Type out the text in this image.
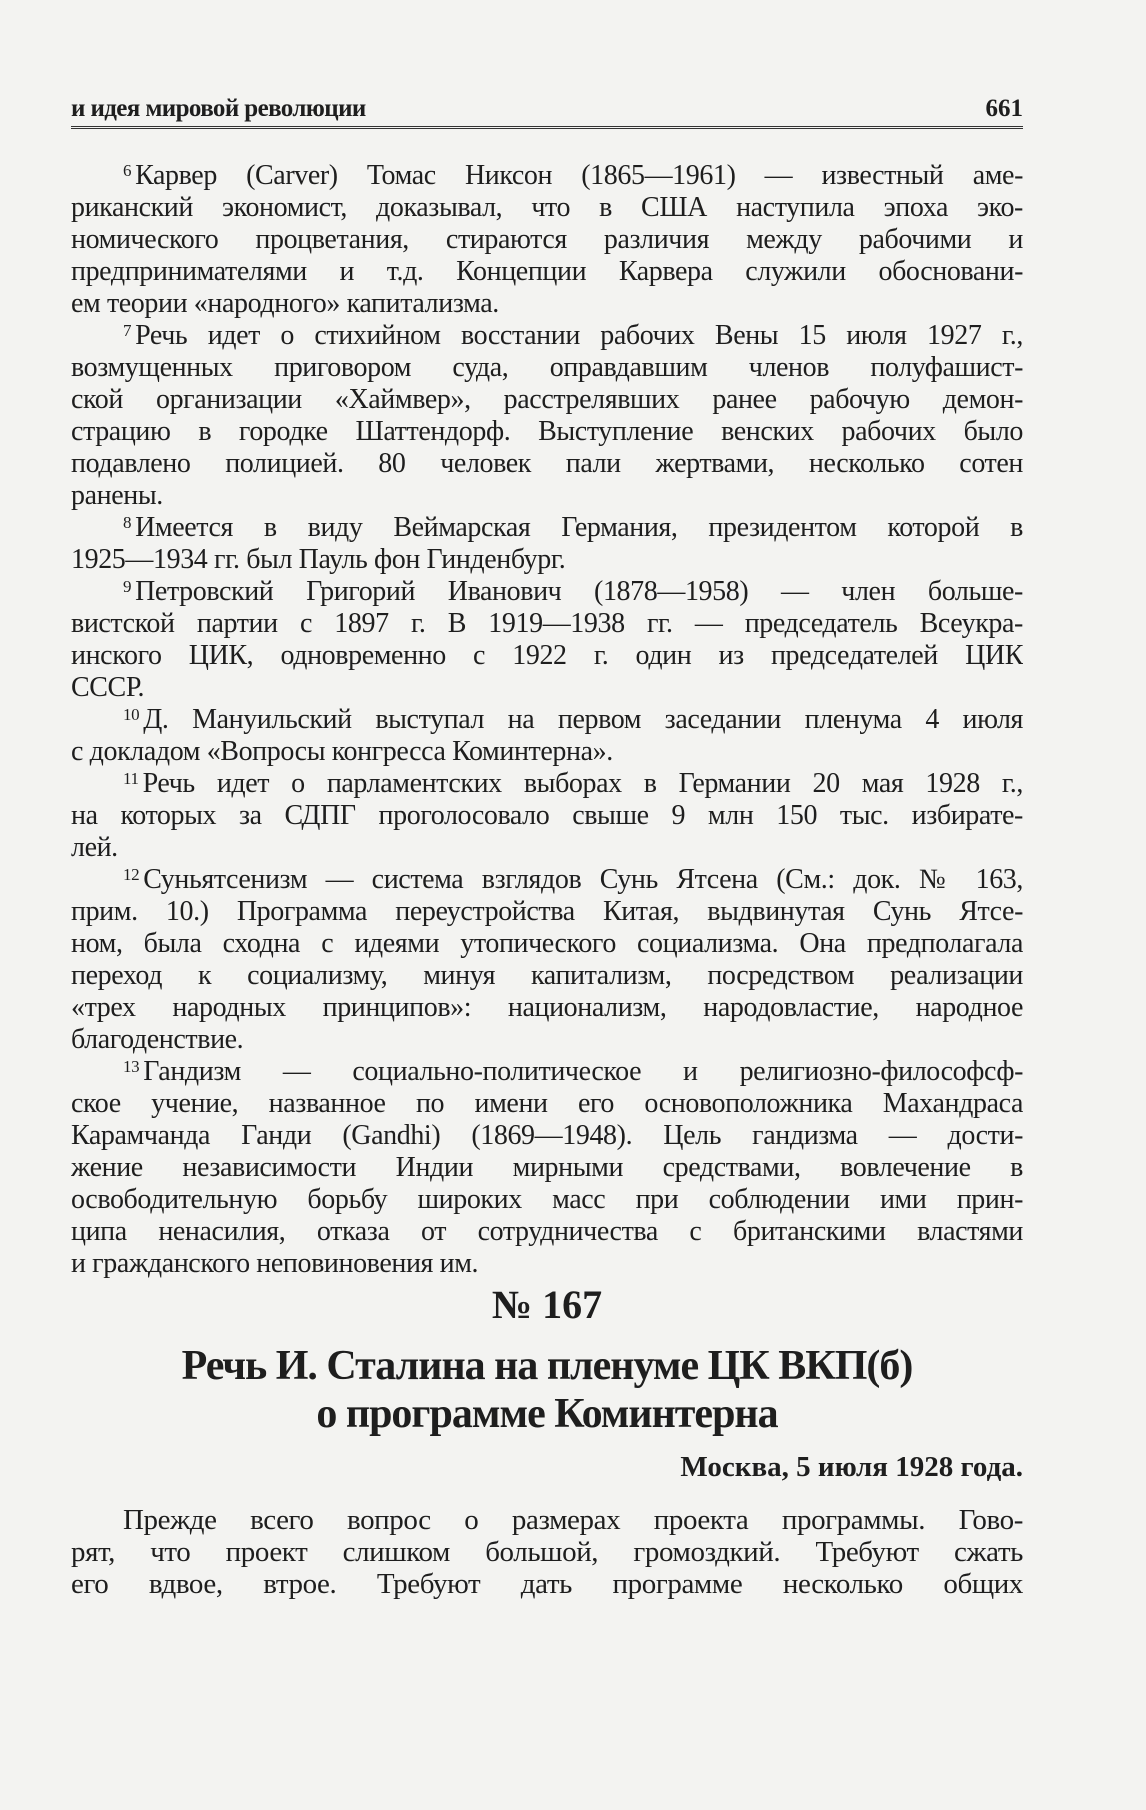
и идея мировой революции	661
$^6$ Карвер (Carver) Томас Никсон (1865—1961) — известный аме-
риканский экономист, доказывал, что в США наступила эпоха эко-
номического процветания, стираются различия между рабочими и
предпринимателями и т.д. Концепции Карвера служили обосновани-
ем теории «народного» капитализма.
$^7$ Речь идет о стихийном восстании рабочих Вены 15 июля 1927 г.,
возмущенных приговором суда, оправдавшим членов полуфашист-
ской организации «Хаймвер», расстрелявших ранее рабочую демон-
страцию в городке Шаттендорф. Выступление венских рабочих было
подавлено полицией. 80 человек пали жертвами, несколько сотен
ранены.
$^8$ Имеется в виду Веймарская Германия, президентом которой в
1925—1934 гг. был Пауль фон Гинденбург.
$^9$ Петровский Григорий Иванович (1878—1958) — член больше-
вистской партии с 1897 г. В 1919—1938 гг. — председатель Всеукра-
инского ЦИК, одновременно с 1922 г. один из председателей ЦИК
СССР.
$^{10}$ Д. Мануильский выступал на первом заседании пленума 4 июля
с докладом «Вопросы конгресса Коминтерна».
$^{11}$ Речь идет о парламентских выборах в Германии 20 мая 1928 г.,
на которых за СДПГ проголосовало свыше 9 млн 150 тыс. избирате-
лей.
$^{12}$ Суньятсенизм — система взглядов Сунь Ятсена (См.: док. № 163,
прим. 10.) Программа переустройства Китая, выдвинутая Сунь Ятсе-
ном, была сходна с идеями утопического социализма. Она предполагала
переход к социализму, минуя капитализм, посредством реализации
«трех народных принципов»: национализм, народовластие, народное
благоденствие.
$^{13}$ Гандизм — социально-политическое и религиозно-философсф-
ское учение, названное по имени его основоположника Махандраса
Карамчанда Ганди (Gandhi) (1869—1948). Цель гандизма — дости-
жение независимости Индии мирными средствами, вовлечение в
освободительную борьбу широких масс при соблюдении ими прин-
ципа ненасилия, отказа от сотрудничества с британскими властями
и гражданского неповиновения им.
№ 167
Речь И. Сталина на пленуме ЦК ВКП(б)
о программе Коминтерна
Москва, 5 июля 1928 года.
Прежде всего вопрос о размерах проекта программы. Гово-
рят, что проект слишком большой, громоздкий. Требуют сжать
его вдвое, втрое. Требуют дать программе несколько общих
